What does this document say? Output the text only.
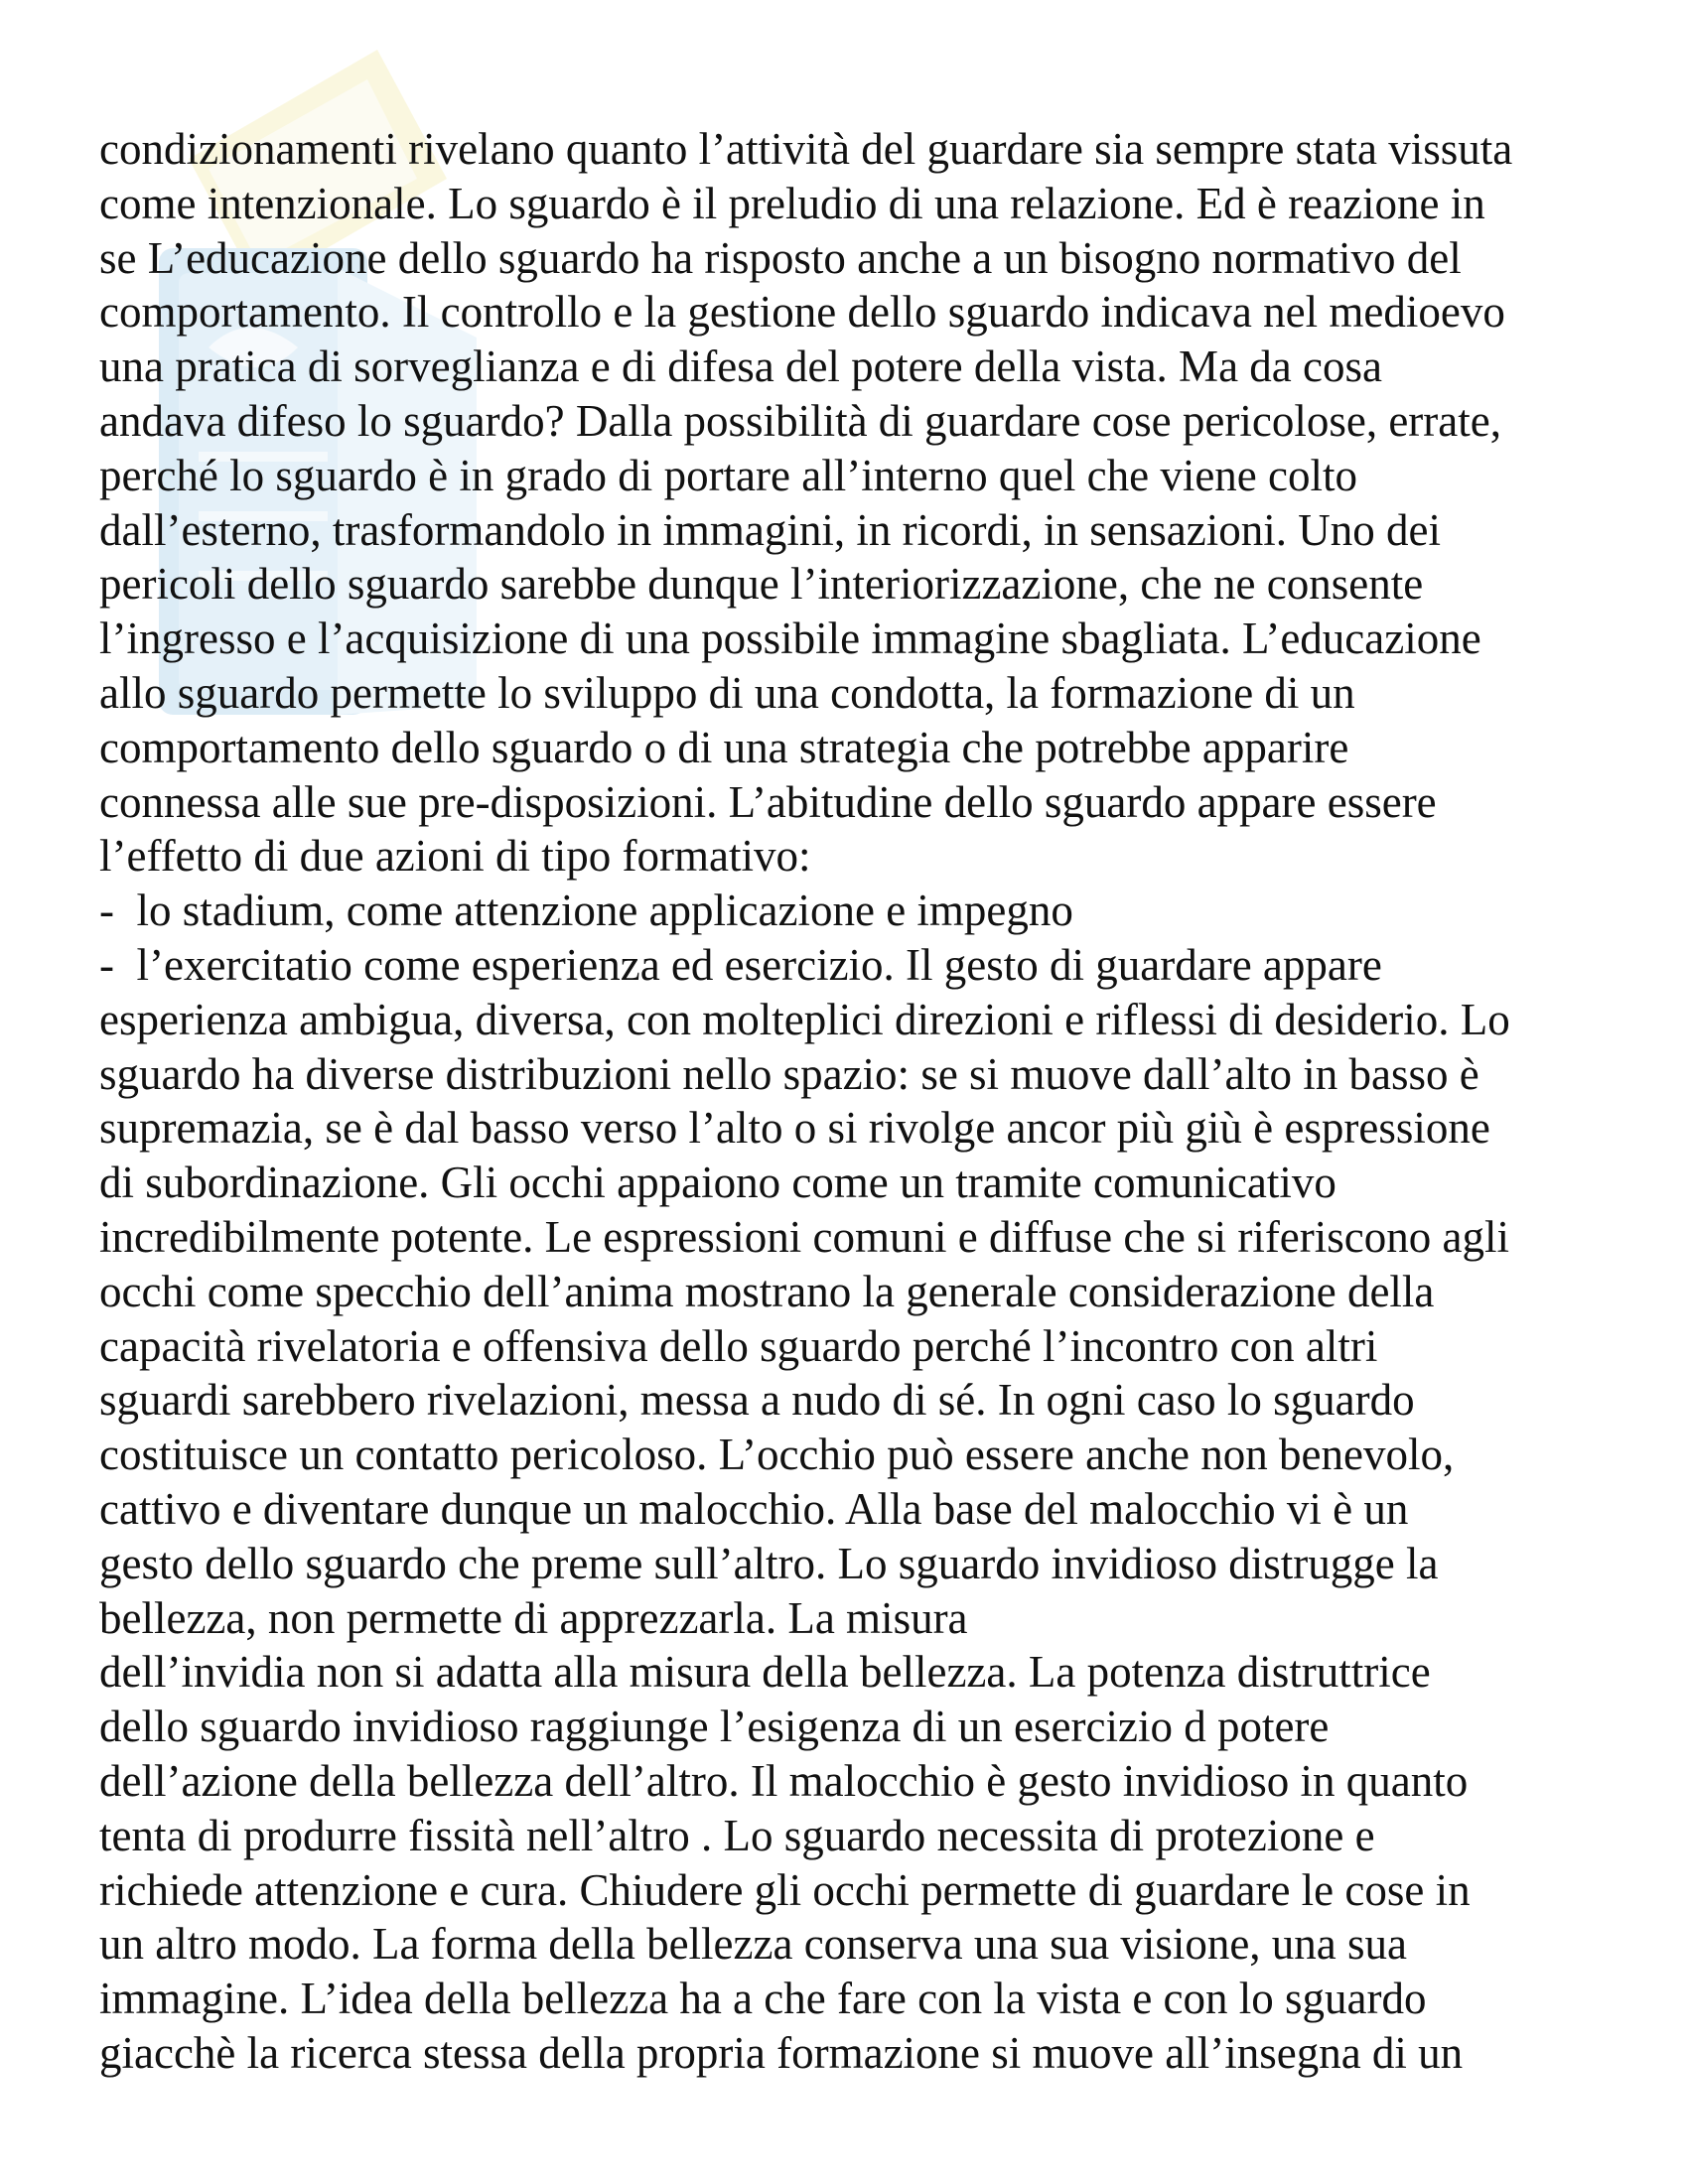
condizionamenti rivelano quanto l’attività del guardare sia sempre stata vissuta
come intenzionale. Lo sguardo è il preludio di una relazione. Ed è reazione in
se L’educazione dello sguardo ha risposto anche a un bisogno normativo del
comportamento. Il controllo e la gestione dello sguardo indicava nel medioevo
una pratica di sorveglianza e di difesa del potere della vista. Ma da cosa
andava difeso lo sguardo? Dalla possibilità di guardare cose pericolose, errate,
perché lo sguardo è in grado di portare all’interno quel che viene colto
dall’esterno, trasformandolo in immagini, in ricordi, in sensazioni. Uno dei
pericoli dello sguardo sarebbe dunque l’interiorizzazione, che ne consente
l’ingresso e l’acquisizione di una possibile immagine sbagliata. L’educazione
allo sguardo permette lo sviluppo di una condotta, la formazione di un
comportamento dello sguardo o di una strategia che potrebbe apparire
connessa alle sue pre-disposizioni. L’abitudine dello sguardo appare essere
l’effetto di due azioni di tipo formativo:
-  lo stadium, come attenzione applicazione e impegno
-  l’exercitatio come esperienza ed esercizio. Il gesto di guardare appare
esperienza ambigua, diversa, con molteplici direzioni e riflessi di desiderio. Lo
sguardo ha diverse distribuzioni nello spazio: se si muove dall’alto in basso è
supremazia, se è dal basso verso l’alto o si rivolge ancor più giù è espressione
di subordinazione. Gli occhi appaiono come un tramite comunicativo
incredibilmente potente. Le espressioni comuni e diffuse che si riferiscono agli
occhi come specchio dell’anima mostrano la generale considerazione della
capacità rivelatoria e offensiva dello sguardo perché l’incontro con altri
sguardi sarebbero rivelazioni, messa a nudo di sé. In ogni caso lo sguardo
costituisce un contatto pericoloso. L’occhio può essere anche non benevolo,
cattivo e diventare dunque un malocchio. Alla base del malocchio vi è un
gesto dello sguardo che preme sull’altro. Lo sguardo invidioso distrugge la
bellezza, non permette di apprezzarla. La misura
dell’invidia non si adatta alla misura della bellezza. La potenza distruttrice
dello sguardo invidioso raggiunge l’esigenza di un esercizio d potere
dell’azione della bellezza dell’altro. Il malocchio è gesto invidioso in quanto
tenta di produrre fissità nell’altro . Lo sguardo necessita di protezione e
richiede attenzione e cura. Chiudere gli occhi permette di guardare le cose in
un altro modo. La forma della bellezza conserva una sua visione, una sua
immagine. L’idea della bellezza ha a che fare con la vista e con lo sguardo
giacchè la ricerca stessa della propria formazione si muove all’insegna di un
